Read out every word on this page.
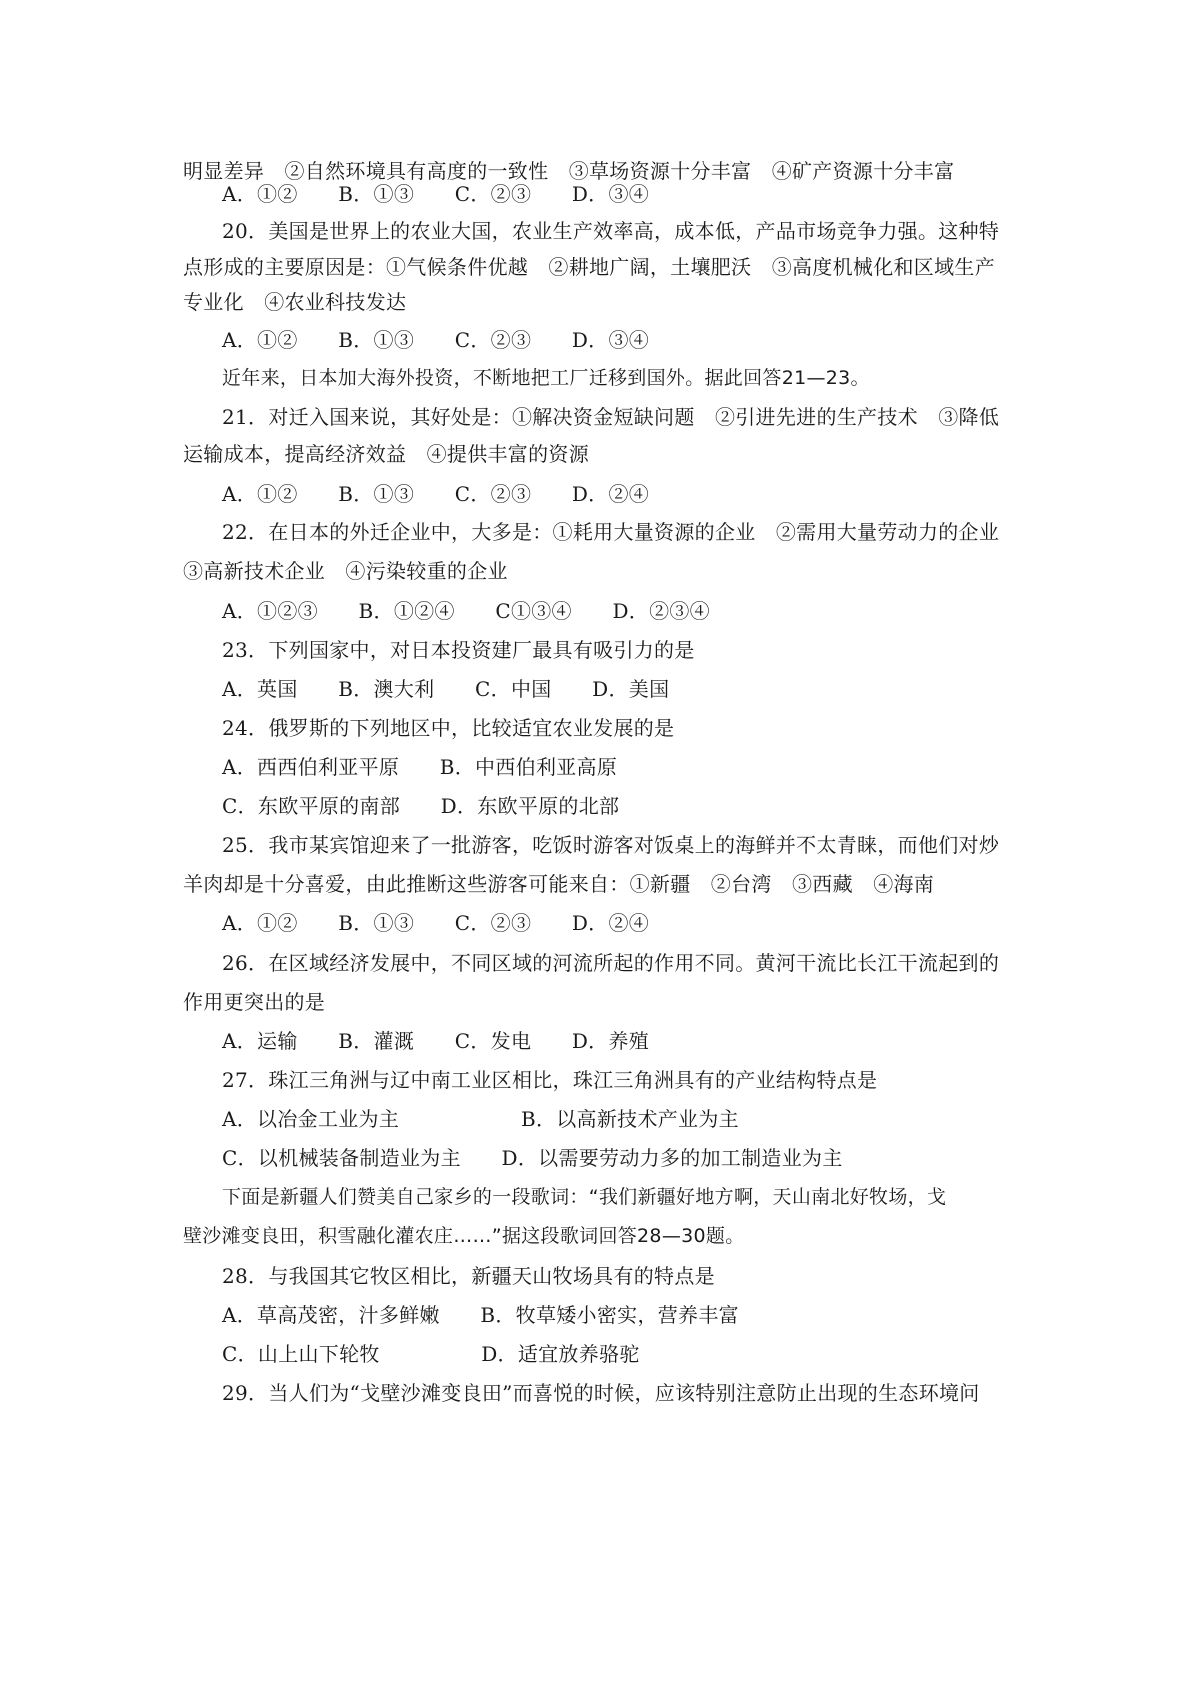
明显差异　②自然环境具有高度的一致性　③草场资源十分丰富　④矿产资源十分丰富
A．①②　　B．①③　　C．②③　　D．③④
20．美国是世界上的农业大国，农业生产效率高，成本低，产品市场竞争力强。这种特
点形成的主要原因是：①气候条件优越　②耕地广阔，土壤肥沃　③高度机械化和区域生产
专业化　④农业科技发达
A．①②　　B．①③　　C．②③　　D．③④
近年来，日本加大海外投资，不断地把工厂迁移到国外。据此回答21—23。
21．对迁入国来说，其好处是：①解决资金短缺问题　②引进先进的生产技术　③降低
运输成本，提高经济效益　④提供丰富的资源
A．①②　　B．①③　　C．②③　　D．②④
22．在日本的外迁企业中，大多是：①耗用大量资源的企业　②需用大量劳动力的企业
③高新技术企业　④污染较重的企业
A．①②③　　B．①②④　　C①③④　　D．②③④
23．下列国家中，对日本投资建厂最具有吸引力的是
A．英国　　B．澳大利　　C．中国　　D．美国
24．俄罗斯的下列地区中，比较适宜农业发展的是
A．西西伯利亚平原　　B．中西伯利亚高原
C．东欧平原的南部　　D．东欧平原的北部
25．我市某宾馆迎来了一批游客，吃饭时游客对饭桌上的海鲜并不太青睐，而他们对炒
羊肉却是十分喜爱，由此推断这些游客可能来自：①新疆　②台湾　③西藏　④海南
A．①②　　B．①③　　C．②③　　D．②④
26．在区域经济发展中，不同区域的河流所起的作用不同。黄河干流比长江干流起到的
作用更突出的是
A．运输　　B．灌溉　　C．发电　　D．养殖
27．珠江三角洲与辽中南工业区相比，珠江三角洲具有的产业结构特点是
A．以冶金工业为主　　　　　　B．以高新技术产业为主
C．以机械装备制造业为主　　D．以需要劳动力多的加工制造业为主
下面是新疆人们赞美自己家乡的一段歌词：“我们新疆好地方啊，天山南北好牧场，戈
壁沙滩变良田，积雪融化灌农庄……”据这段歌词回答28—30题。
28．与我国其它牧区相比，新疆天山牧场具有的特点是
A．草高茂密，汁多鲜嫩　　B．牧草矮小密实，营养丰富
C．山上山下轮牧　　　　　D．适宜放养骆驼
29．当人们为“戈壁沙滩变良田”而喜悦的时候，应该特别注意防止出现的生态环境问
